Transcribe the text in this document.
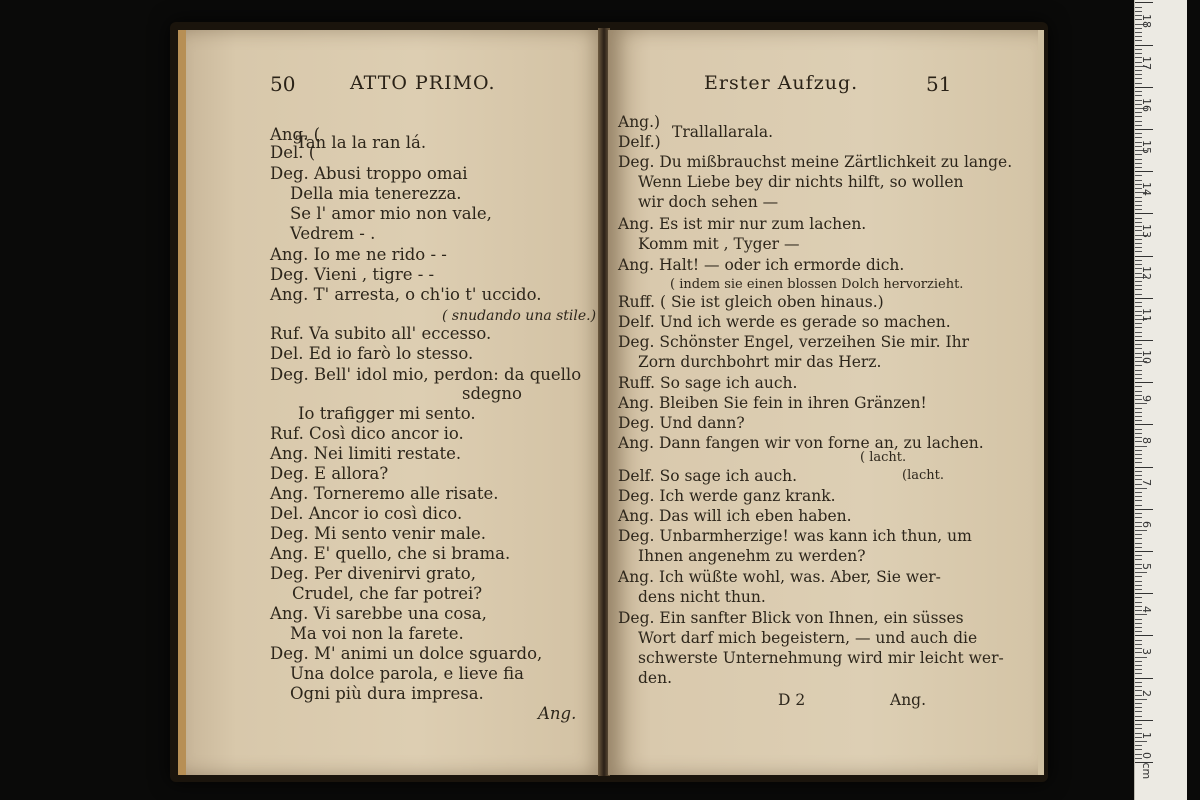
50	ATTO PRIMO.
Ang. (
Tan la la ran lá.
Del. (
Deg. Abusi troppo omai
Della mia tenerezza.
Se l' amor mio non vale,
Vedrem - .
Ang. Io me ne rido - -
Deg. Vieni , tigre - -
Ang. T' arresta, o ch'io t' uccido.
( snudando una stile.)
Ruf. Va subito all' eccesso.
Del. Ed io farò lo stesso.
Deg. Bell' idol mio, perdon: da quello
sdegno
Io trafigger mi sento.
Ruf. Così dico ancor io.
Ang. Nei limiti restate.
Deg. E allora?
Ang. Torneremo alle risate.
Del. Ancor io così dico.
Deg. Mi sento venir male.
Ang. E' quello, che si brama.
Deg. Per divenirvi grato,
Crudel, che far potrei?
Ang. Vi sarebbe una cosa,
Ma voi non la farete.
Deg. M' animi un dolce sguardo,
Una dolce parola, e lieve fia
Ogni più dura impresa.
Ang.
Erster Aufzug.	51
Ang.)
Trallallarala.
Delf.)
Deg. Du mißbrauchst meine Zärtlichkeit zu lange.
Wenn Liebe bey dir nichts hilft, so wollen
wir doch sehen —
Ang. Es ist mir nur zum lachen.
Komm mit , Tyger —
Ang. Halt! — oder ich ermorde dich.
( indem sie einen blossen Dolch hervorzieht.
Ruff. ( Sie ist gleich oben hinaus.)
Delf. Und ich werde es gerade so machen.
Deg. Schönster Engel, verzeihen Sie mir. Ihr
Zorn durchbohrt mir das Herz.
Ruff. So sage ich auch.
Ang. Bleiben Sie fein in ihren Gränzen!
Deg. Und dann?
Ang. Dann fangen wir von forne an, zu lachen.
( lacht.
Delf. So sage ich auch.	(lacht.
Deg. Ich werde ganz krank.
Ang. Das will ich eben haben.
Deg. Unbarmherzige! was kann ich thun, um
Ihnen angenehm zu werden?
Ang. Ich wüßte wohl, was. Aber, Sie wer-
dens nicht thun.
Deg. Ein sanfter Blick von Ihnen, ein süsses
Wort darf mich begeistern, — und auch die
schwerste Unternehmung wird mir leicht wer-
den.
D 2	Ang.
0 cm
1
2
3
4
5
6
7
8
9
10
11
12
13
14
15
16
17
18
